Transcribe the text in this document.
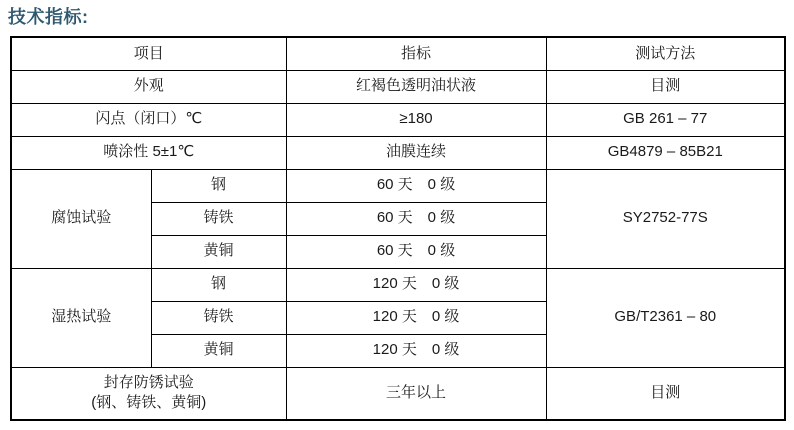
技术指标:
项目		指标	测试方法
外观		红褐色透明油状液	目测
闪点（闭口）℃		≥180	GB 261 – 77
喷涂性 5±1℃		油膜连续	GB4879 – 85B21
腐蚀试验	钢	60 天　0 级	SY2752-77S
	铸铁	60 天　0 级	
	黄铜	60 天　0 级	
湿热试验	钢	120 天　0 级	GB/T2361 – 80
	铸铁	120 天　0 级	
	黄铜	120 天　0 级	

封存防锈试验
(钢、铸铁、黄铜)		三年以上	目测
